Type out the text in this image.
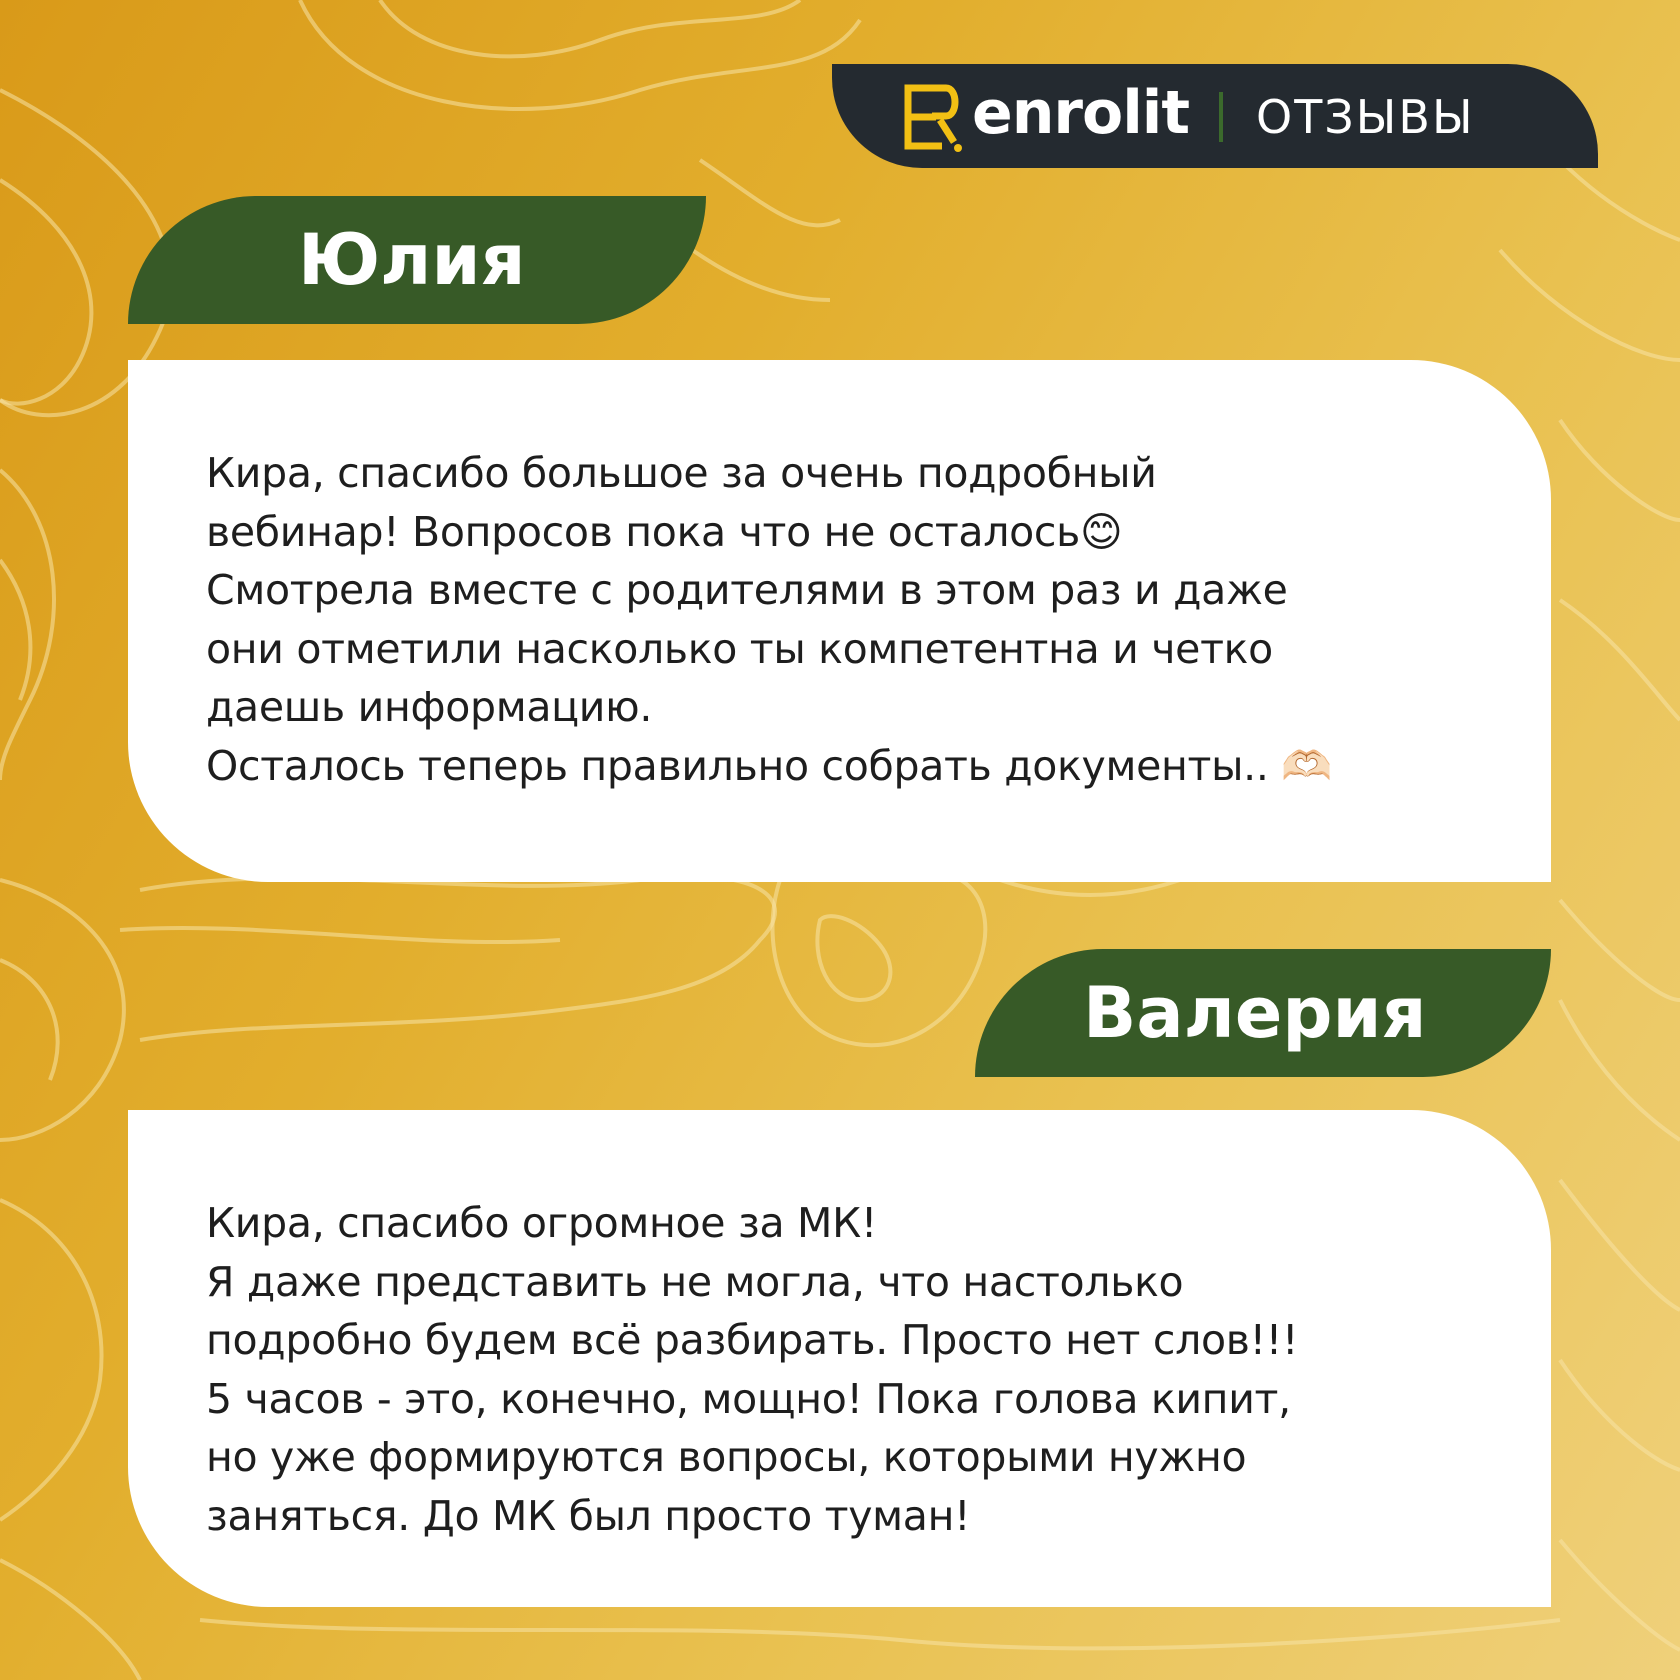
enrolit ОТЗЫВЫ
Юлия

Кира, спасибо большое за очень подробный
вебинар! Вопросов пока что не осталось😊
Смотрела вместе с родителями в этом раз и даже
они отметили насколько ты компетентна и четко
даешь информацию.
Осталось теперь правильно собрать документы.. 🫶🏻

Валерия

Кира, спасибо огромное за МК!
Я даже представить не могла, что настолько
подробно будем всё разбирать. Просто нет слов!!!
5 часов - это, конечно, мощно! Пока голова кипит,
но уже формируются вопросы, которыми нужно
заняться. До МК был просто туман!
